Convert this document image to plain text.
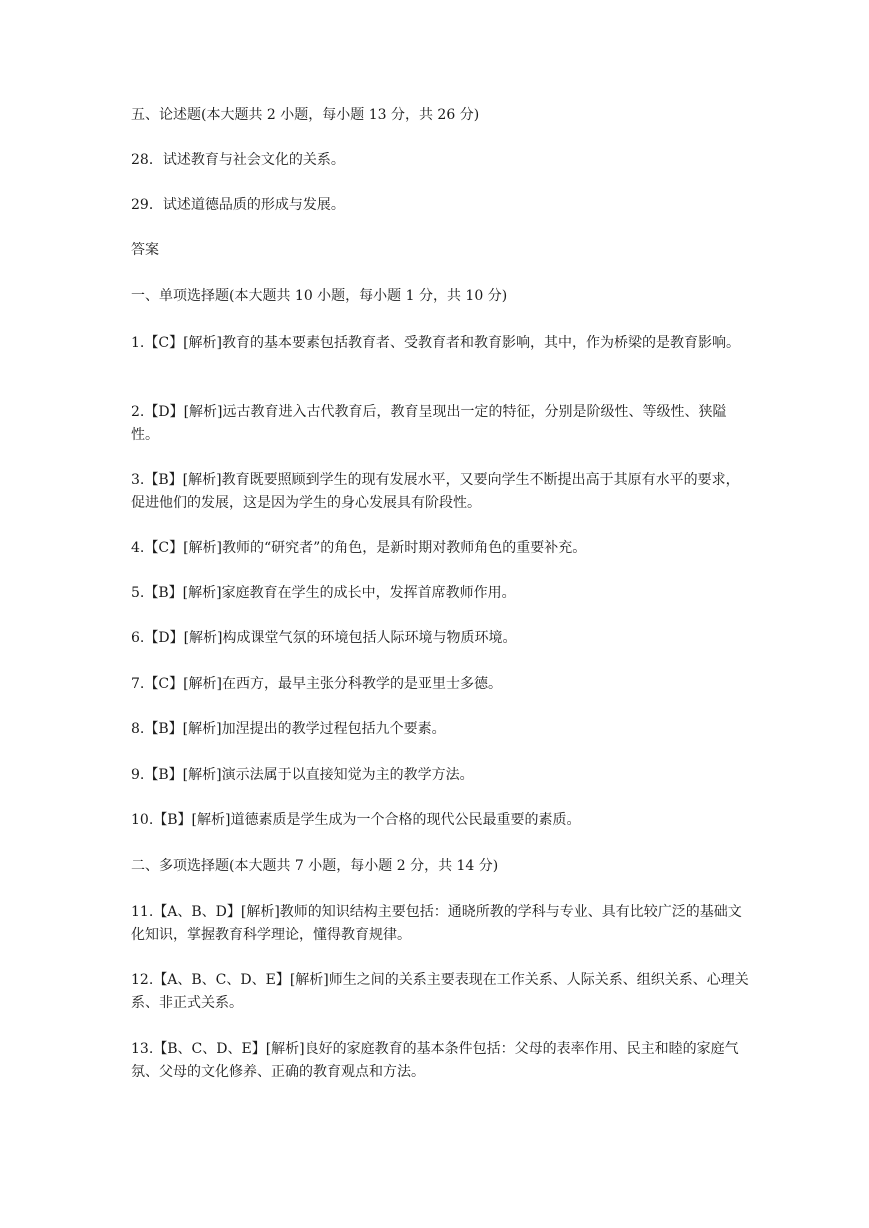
五、论述题(本大题共 2 小题，每小题 13 分，共 26 分)

28．试述教育与社会文化的关系。

29．试述道德品质的形成与发展。

答案

一、单项选择题(本大题共 10 小题，每小题 1 分，共 10 分)

1.【C】[解析]教育的基本要素包括教育者、受教育者和教育影响，其中，作为桥梁的是教育影响。

2.【D】[解析]远古教育进入古代教育后，教育呈现出一定的特征，分别是阶级性、等级性、狭隘性。

3.【B】[解析]教育既要照顾到学生的现有发展水平，又要向学生不断提出高于其原有水平的要求，促进他们的发展，这是因为学生的身心发展具有阶段性。

4.【C】[解析]教师的“研究者”的角色，是新时期对教师角色的重要补充。

5.【B】[解析]家庭教育在学生的成长中，发挥首席教师作用。

6.【D】[解析]构成课堂气氛的环境包括人际环境与物质环境。

7.【C】[解析]在西方，最早主张分科教学的是亚里士多德。

8.【B】[解析]加涅提出的教学过程包括九个要素。

9.【B】[解析]演示法属于以直接知觉为主的教学方法。

10.【B】[解析]道德素质是学生成为一个合格的现代公民最重要的素质。

二、多项选择题(本大题共 7 小题，每小题 2 分，共 14 分)

11.【A、B、D】[解析]教师的知识结构主要包括：通晓所教的学科与专业、具有比较广泛的基础文化知识，掌握教育科学理论，懂得教育规律。

12.【A、B、C、D、E】[解析]师生之间的关系主要表现在工作关系、人际关系、组织关系、心理关系、非正式关系。

13.【B、C、D、E】[解析]良好的家庭教育的基本条件包括：父母的表率作用、民主和睦的家庭气氛、父母的文化修养、正确的教育观点和方法。
